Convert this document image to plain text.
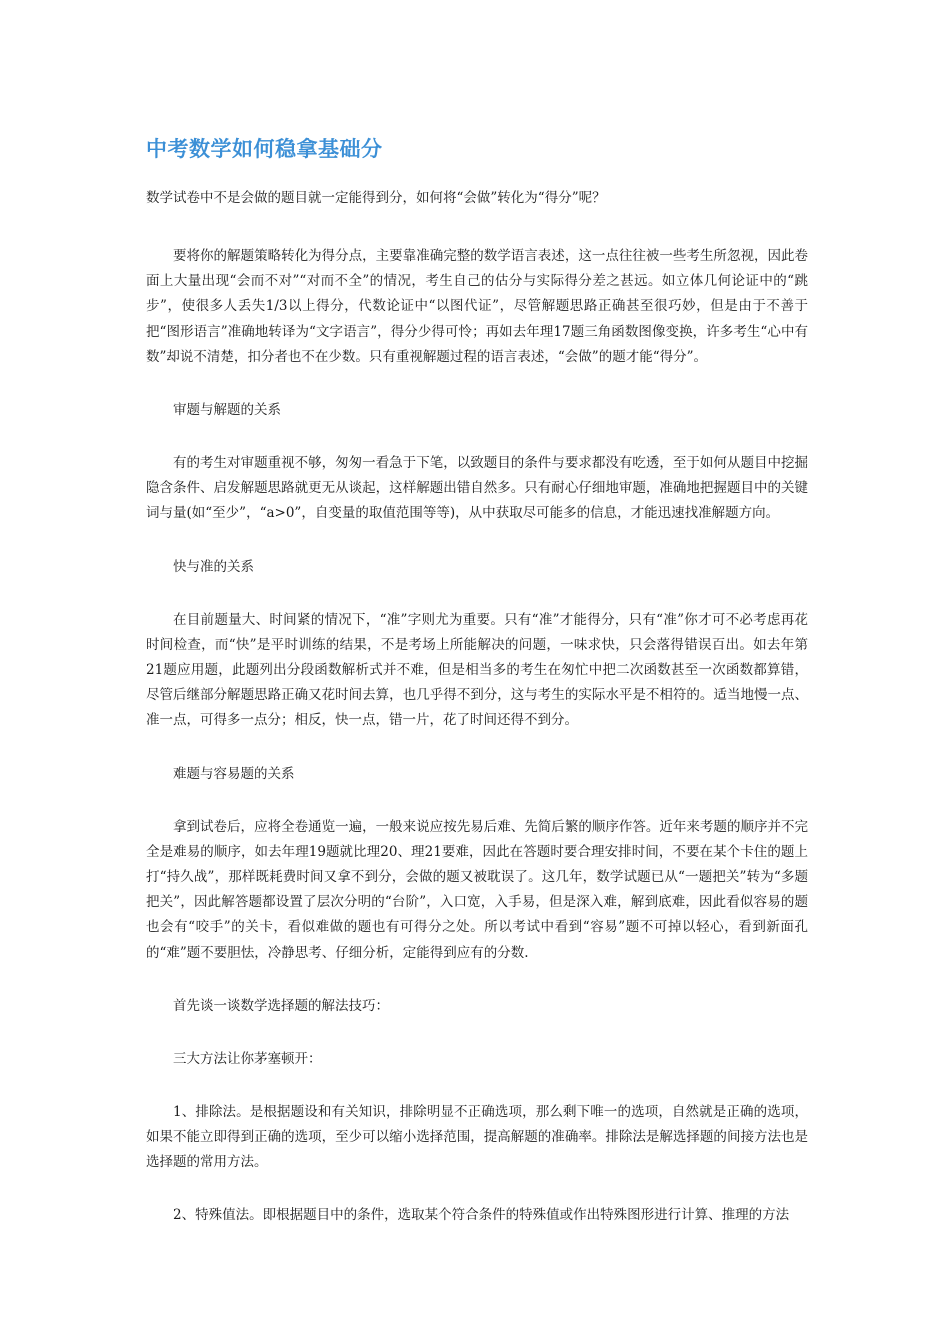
中考数学如何稳拿基础分

数学试卷中不是会做的题目就一定能得到分，如何将“会做”转化为“得分”呢？

要将你的解题策略转化为得分点，主要靠准确完整的数学语言表述，这一点往往被一些考生所忽视，因此卷面上大量出现“会而不对”“对而不全”的情况，考生自己的估分与实际得分差之甚远。如立体几何论证中的“跳步”，使很多人丢失1/3以上得分，代数论证中“以图代证”，尽管解题思路正确甚至很巧妙，但是由于不善于把“图形语言”准确地转译为“文字语言”，得分少得可怜；再如去年理17题三角函数图像变换，许多考生“心中有数”却说不清楚，扣分者也不在少数。只有重视解题过程的语言表述，“会做”的题才能“得分”。

审题与解题的关系

有的考生对审题重视不够，匆匆一看急于下笔，以致题目的条件与要求都没有吃透，至于如何从题目中挖掘隐含条件、启发解题思路就更无从谈起，这样解题出错自然多。只有耐心仔细地审题，准确地把握题目中的关键词与量(如“至少”，“a>0”，自变量的取值范围等等)，从中获取尽可能多的信息，才能迅速找准解题方向。

快与准的关系

在目前题量大、时间紧的情况下，“准”字则尤为重要。只有“准”才能得分，只有“准”你才可不必考虑再花时间检查，而“快”是平时训练的结果，不是考场上所能解决的问题，一味求快，只会落得错误百出。如去年第21题应用题，此题列出分段函数解析式并不难，但是相当多的考生在匆忙中把二次函数甚至一次函数都算错，尽管后继部分解题思路正确又花时间去算，也几乎得不到分，这与考生的实际水平是不相符的。适当地慢一点、准一点，可得多一点分；相反，快一点，错一片，花了时间还得不到分。

难题与容易题的关系

拿到试卷后，应将全卷通览一遍，一般来说应按先易后难、先简后繁的顺序作答。近年来考题的顺序并不完全是难易的顺序，如去年理19题就比理20、理21要难，因此在答题时要合理安排时间，不要在某个卡住的题上打“持久战”，那样既耗费时间又拿不到分，会做的题又被耽误了。这几年，数学试题已从“一题把关”转为“多题把关”，因此解答题都设置了层次分明的“台阶”，入口宽，入手易，但是深入难，解到底难，因此看似容易的题也会有“咬手”的关卡，看似难做的题也有可得分之处。所以考试中看到“容易”题不可掉以轻心，看到新面孔的“难”题不要胆怯，冷静思考、仔细分析，定能得到应有的分数.

首先谈一谈数学选择题的解法技巧：

三大方法让你茅塞顿开：

1、排除法。是根据题设和有关知识，排除明显不正确选项，那么剩下唯一的选项，自然就是正确的选项，如果不能立即得到正确的选项，至少可以缩小选择范围，提高解题的准确率。排除法是解选择题的间接方法也是选择题的常用方法。

2、特殊值法。即根据题目中的条件，选取某个符合条件的特殊值或作出特殊图形进行计算、推理的方法
